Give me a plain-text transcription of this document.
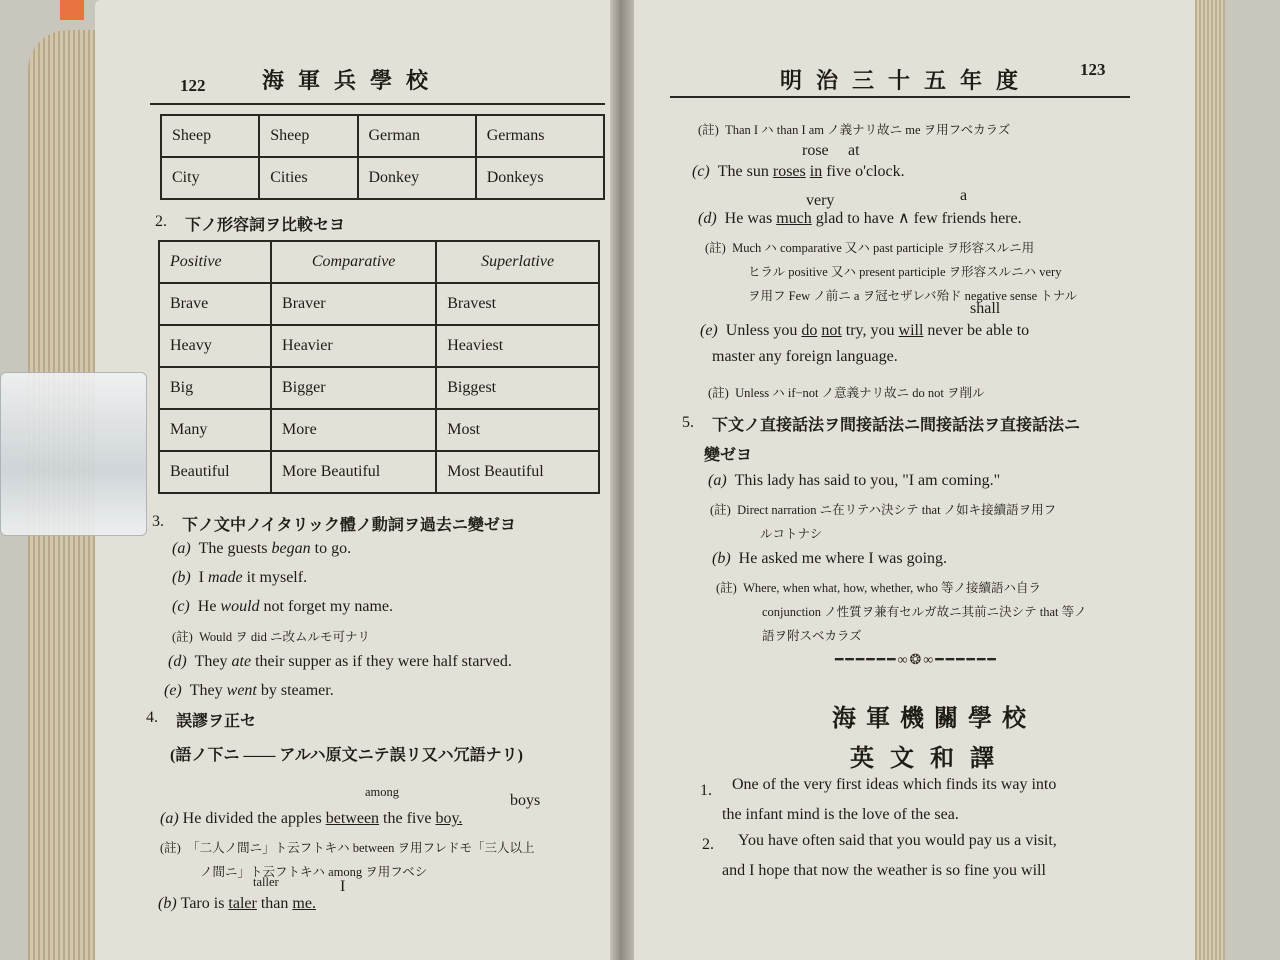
122	海軍兵學校
Sheep	Sheep	German	Germans
City	Cities	Donkey	Donkeys
2. 下ノ形容詞ヲ比較セヨ
Positive	Comparative	Superlative
Brave	Braver	Bravest
Heavy	Heavier	Heaviest
Big	Bigger	Biggest
Many	More	Most
Beautiful	More Beautiful	Most Beautiful
3. 下ノ文中ノイタリック體ノ動詞ヲ過去ニ變ゼヨ
(a) The guests began to go.
(b) I made it myself.
(c) He would not forget my name.
(註) Would ヲ did ニ改ムルモ可ナリ
(d) They ate their supper as if they were half starved.
(e) They went by steamer.
4. 誤謬ヲ正セ
(語ノ下ニ —— アルハ原文ニテ誤リ又ハ冗語ナリ)
among	boys
(a) He divided the apples between the five boy.
(註) 「二人ノ間ニ」ト云フトキハ between ヲ用フレドモ「三人以上
ノ間ニ」ト云フトキハ among ヲ用フベシ
taller	I
(b) Taro is taler than me.
明治三十五年度	123
(註) Than I ハ than I am ノ義ナリ故ニ me ヲ用フベカラズ
rose at
(c) The sun roses in five o'clock.
very	a
(d) He was much glad to have ∧ few friends here.
(註) Much ハ comparative 又ハ past participle ヲ形容スルニ用
ヒラル positive 又ハ present participle ヲ形容スルニハ very
ヲ用フ Few ノ前ニ a ヲ冠セザレバ殆ド negative sense トナル
shall
(e) Unless you do not try, you will never be able to
master any foreign language.
(註) Unless ハ if−not ノ意義ナリ故ニ do not ヲ削ル
5. 下文ノ直接話法ヲ間接話法ニ間接話法ヲ直接話法ニ
變ゼヨ
(a) This lady has said to you, "I am coming."
(註) Direct narration ニ在リテハ決シテ that ノ如キ接續語ヲ用フ
ルコトナシ
(b) He asked me where I was going.
(註) Where, when what, how, whether, who 等ノ接續語ハ自ラ
conjunction ノ性質ヲ兼有セルガ故ニ其前ニ決シテ that 等ノ
語ヲ附スベカラズ
━━━━━━∞❂∞━━━━━━
海軍機關學校
英文和譯
1. One of the very first ideas which finds its way into
the infant mind is the love of the sea.
2. You have often said that you would pay us a visit,
and I hope that now the weather is so fine you will
